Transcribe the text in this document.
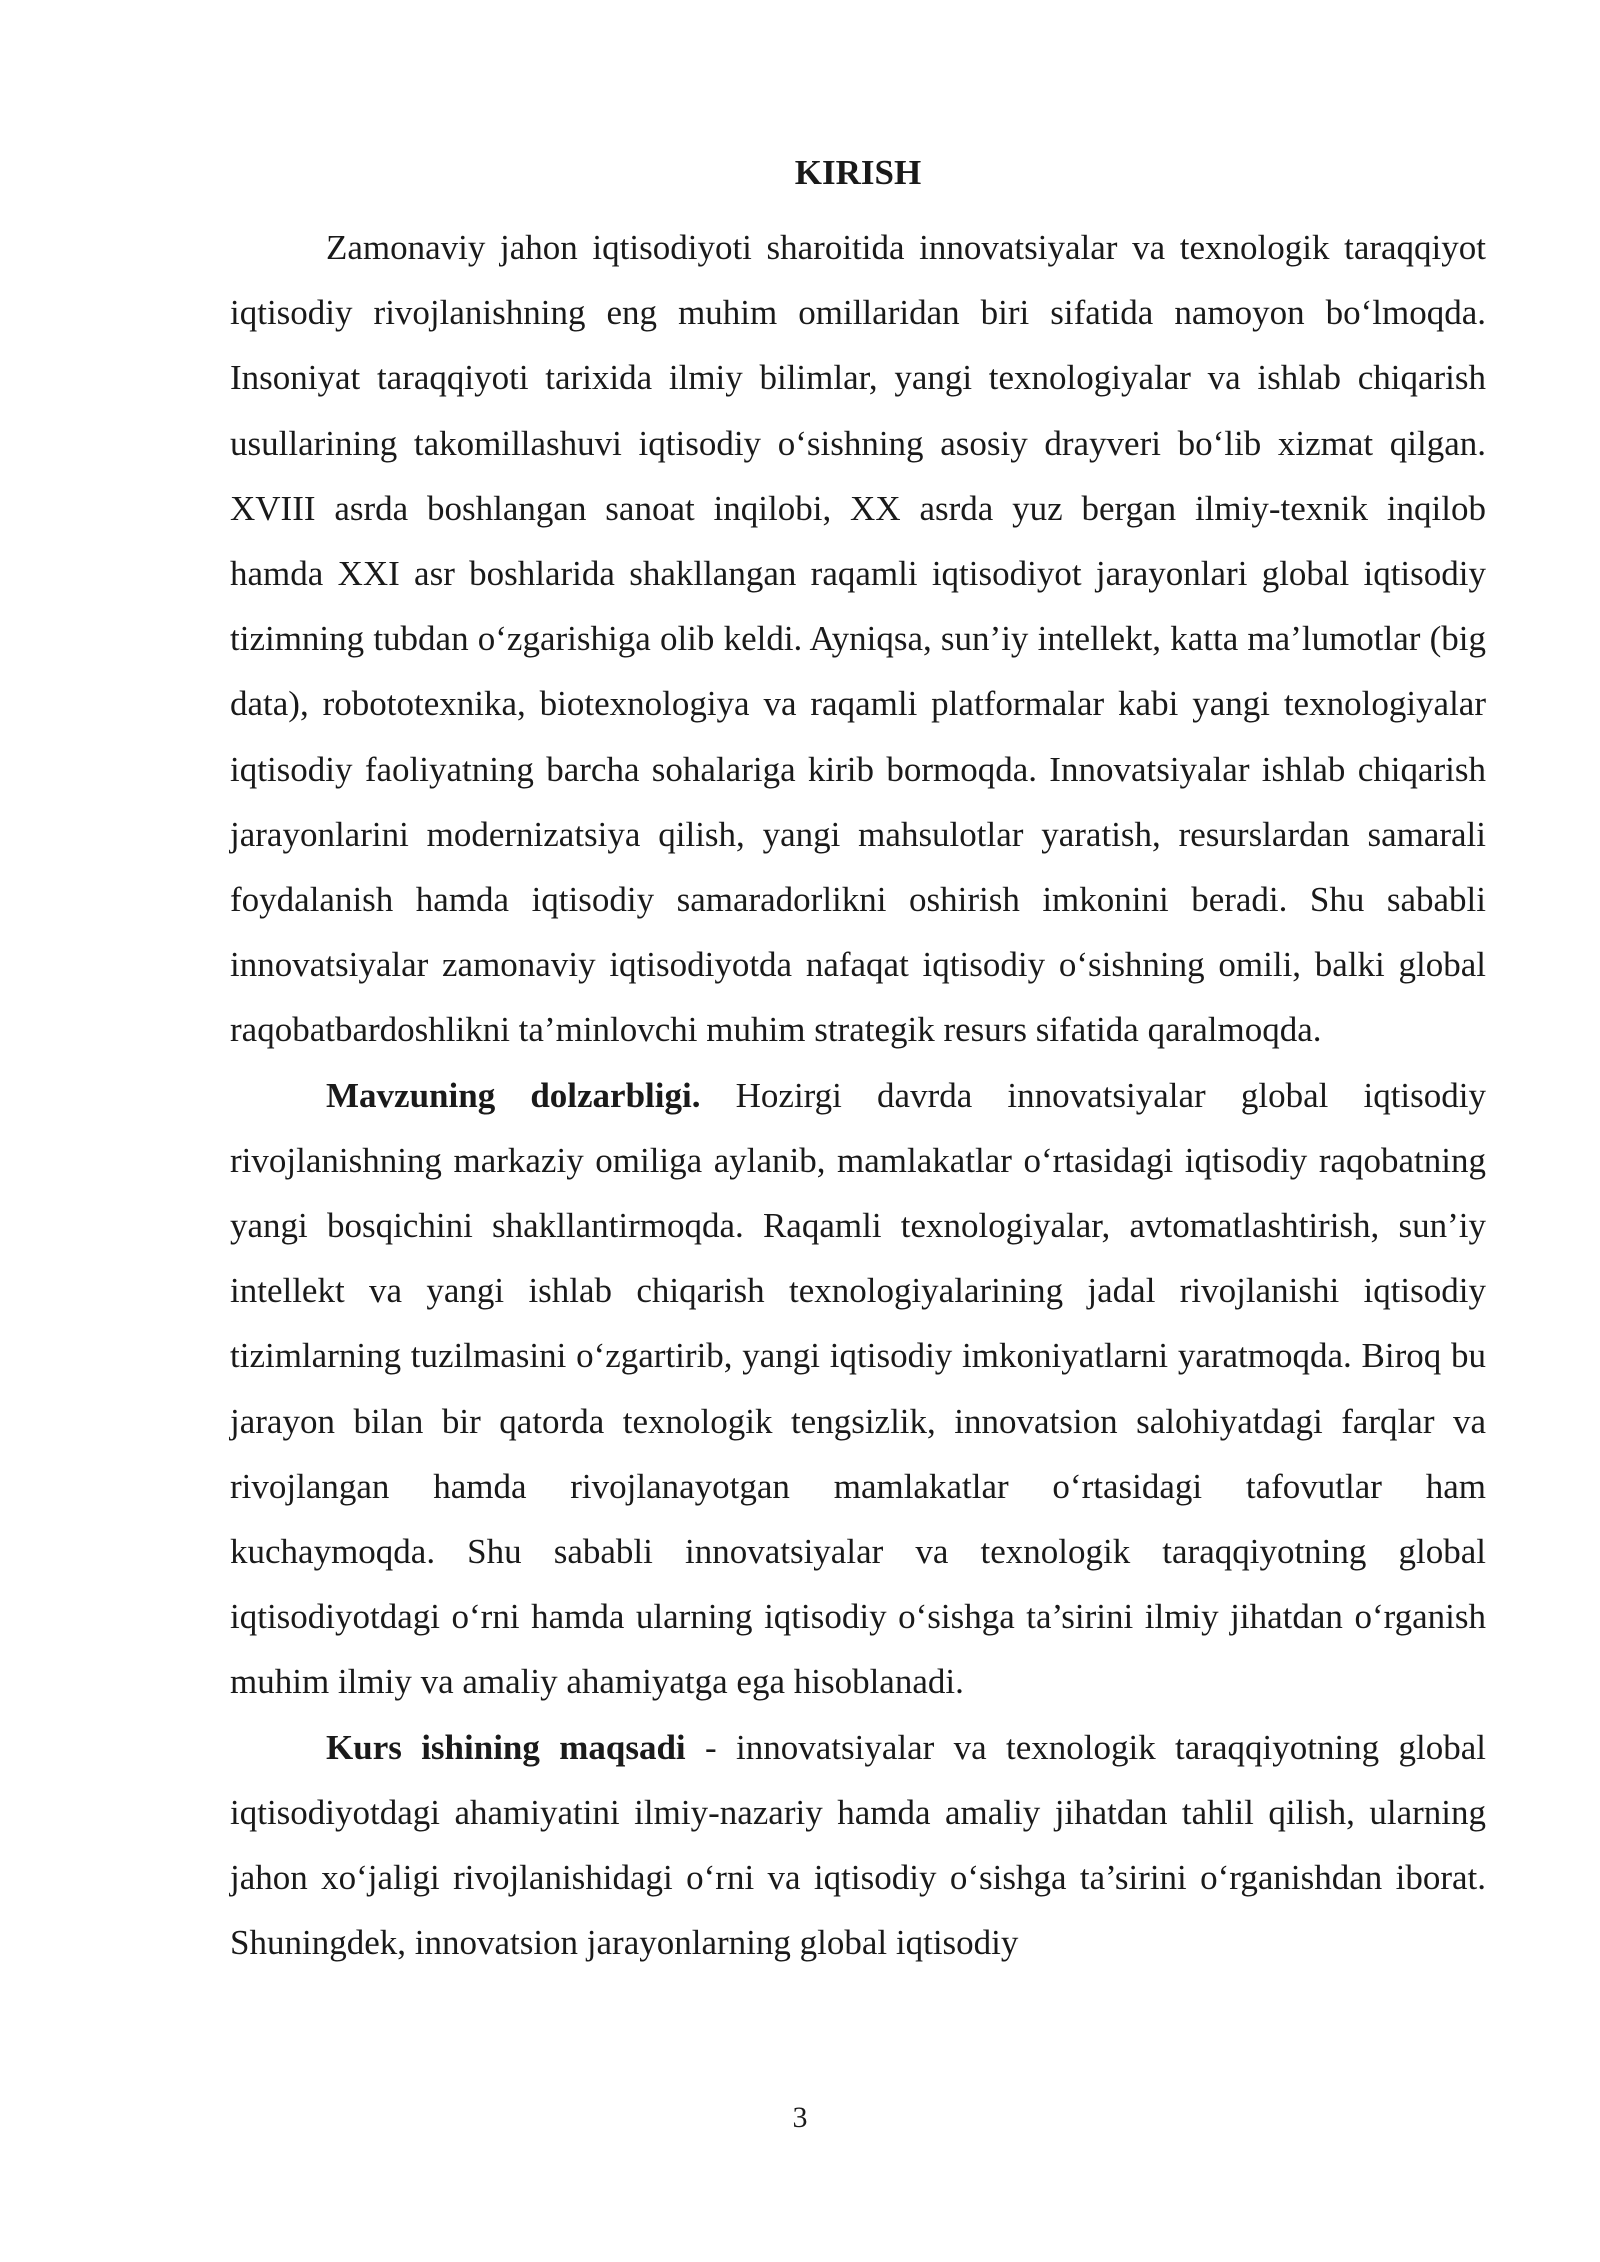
KIRISH

Zamonaviy jahon iqtisodiyoti sharoitida innovatsiyalar va texnologik taraqqiyot iqtisodiy rivojlanishning eng muhim omillaridan biri sifatida namoyon boʻlmoqda. Insoniyat taraqqiyoti tarixida ilmiy bilimlar, yangi texnologiyalar va ishlab chiqarish usullarining takomillashuvi iqtisodiy oʻsishning asosiy drayveri boʻlib xizmat qilgan. XVIII asrda boshlangan sanoat inqilobi, XX asrda yuz bergan ilmiy-texnik inqilob hamda XXI asr boshlarida shakllangan raqamli iqtisodiyot jarayonlari global iqtisodiy tizimning tubdan oʻzgarishiga olib keldi. Ayniqsa, sun’iy intellekt, katta ma’lumotlar (big data), robototexnika, biotexnologiya va raqamli platformalar kabi yangi texnologiyalar iqtisodiy faoliyatning barcha sohalariga kirib bormoqda. Innovatsiyalar ishlab chiqarish jarayonlarini modernizatsiya qilish, yangi mahsulotlar yaratish, resurslardan samarali foydalanish hamda iqtisodiy samaradorlikni oshirish imkonini beradi. Shu sababli innovatsiyalar zamonaviy iqtisodiyotda nafaqat iqtisodiy oʻsishning omili, balki global raqobatbardoshlikni ta’minlovchi muhim strategik resurs sifatida qaralmoqda.

Mavzuning dolzarbligi. Hozirgi davrda innovatsiyalar global iqtisodiy rivojlanishning markaziy omiliga aylanib, mamlakatlar oʻrtasidagi iqtisodiy raqobatning yangi bosqichini shakllantirmoqda. Raqamli texnologiyalar, avtomatlashtirish, sun’iy intellekt va yangi ishlab chiqarish texnologiyalarining jadal rivojlanishi iqtisodiy tizimlarning tuzilmasini oʻzgartirib, yangi iqtisodiy imkoniyatlarni yaratmoqda. Biroq bu jarayon bilan bir qatorda texnologik tengsizlik, innovatsion salohiyatdagi farqlar va rivojlangan hamda rivojlanayotgan mamlakatlar oʻrtasidagi tafovutlar ham kuchaymoqda. Shu sababli innovatsiyalar va texnologik taraqqiyotning global iqtisodiyotdagi oʻrni hamda ularning iqtisodiy oʻsishga ta’sirini ilmiy jihatdan oʻrganish muhim ilmiy va amaliy ahamiyatga ega hisoblanadi.

Kurs ishining maqsadi - innovatsiyalar va texnologik taraqqiyotning global iqtisodiyotdagi ahamiyatini ilmiy-nazariy hamda amaliy jihatdan tahlil qilish, ularning jahon xoʻjaligi rivojlanishidagi oʻrni va iqtisodiy oʻsishga ta’sirini oʻrganishdan iborat. Shuningdek, innovatsion jarayonlarning global iqtisodiy

3
